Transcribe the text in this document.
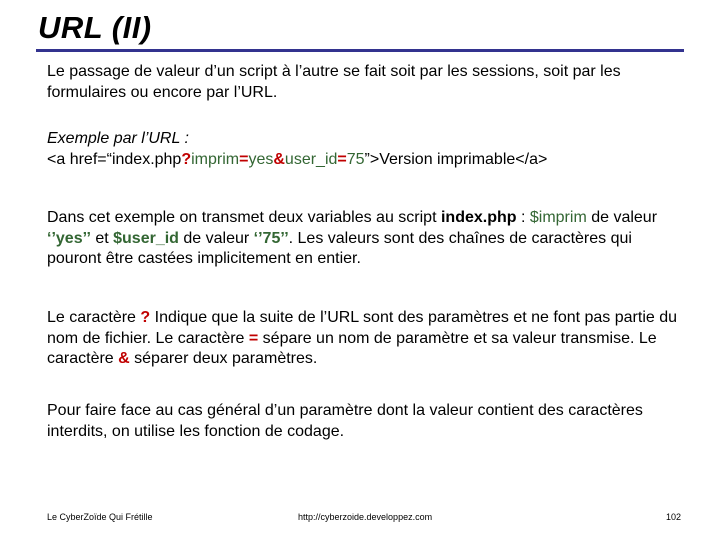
URL (II)

Le passage de valeur d’un script à l’autre se fait soit par les sessions, soit par les formulaires ou encore par l’URL.

Exemple par l’URL :

<a href=“index.php?imprim=yes&user_id=75”>Version imprimable</a>

Dans cet exemple on transmet deux variables au script index.php : $imprim de valeur ‘’yes’’ et $user_id de valeur ‘’75’’. Les valeurs sont des chaînes de caractères qui pouront être castées implicitement en entier.

Le caractère ? Indique que la suite de l’URL sont des paramètres et ne font pas partie du nom de fichier. Le caractère = sépare un nom de paramètre et sa valeur transmise. Le caractère & séparer deux paramètres.

Pour faire face au cas général d’un paramètre dont la valeur contient des caractères interdits, on utilise les fonction de codage.

Le CyberZoïde Qui Frétille	http://cyberzoide.developpez.com	102
